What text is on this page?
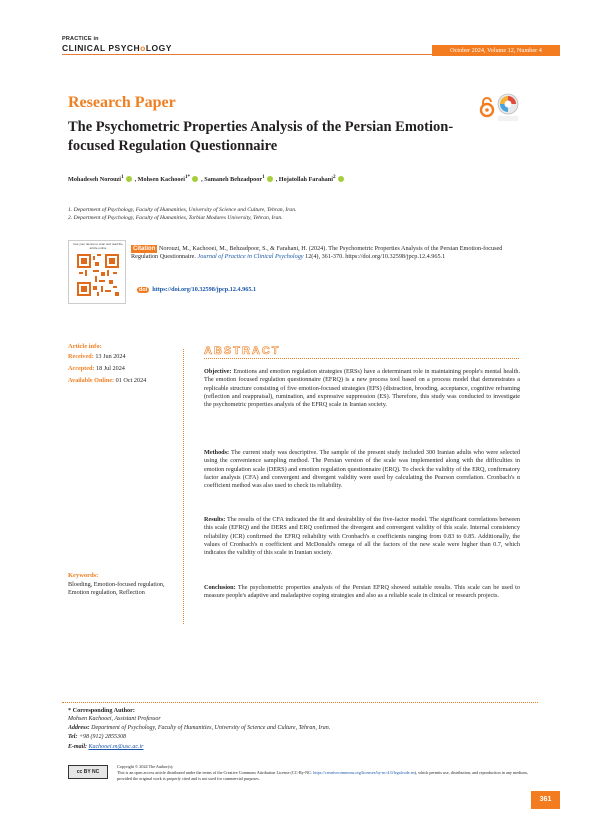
PRACTICE in
CLINICAL PSYCHoLOGY	October 2024, Volume 12, Number 4
Research Paper
The Psychometric Properties Analysis of the Persian Emotion-focused Regulation Questionnaire
Mohadeseh Norouzi$^1$ , Mohsen Kachooei$^{1*}$ , Samaneh Behzadpoor$^1$ , Hojatollah Farahani$^2$
1. Department of Psychology, Faculty of Humanities, University of Science and Culture, Tehran, Iran.
2. Department of Psychology, Faculty of Humanities, Tarbiat Modares University, Tehran, Iran.
Use your device to scan and read the article online	Citation Norouzi, M., Kachooei, M., Behzadpoor, S., & Farahani, H. (2024). The Psychometric Properties Analysis of the Persian Emotion-focused Regulation Questionnaire. Journal of Practice in Clinical Psychology 12(4), 361-370. https://doi.org/10.32598/jpcp.12.4.965.1
doi https://doi.org/10.32598/jpcp.12.4.965.1
Article info:
Received: 13 Jun 2024
Accepted: 18 Jul 2024
Available Online: 01 Oct 2024
Keywords:
Bloeding, Emotion-focused regulation, Emotion regulation, Reflection
ABSTRACT
Objective: Emotions and emotion regulation strategies (ERSs) have a determinant role in maintaining people's mental health. The emotion focused regulation questionnaire (EFRQ) is a new process tool based on a process model that demonstrates a replicable structure consisting of five emotion-focused strategies (EFS) (distraction, brooding, acceptance, cognitive reframing (reflection and reappraisal), rumination, and expressive suppression (ES). Therefore, this study was conducted to investigate the psychometric properties analysis of the EFRQ scale in Iranian society.
Methods: The current study was descriptive. The sample of the present study included 300 Iranian adults who were selected using the convenience sampling method. The Persian version of the scale was implemented along with the difficulties in emotion regulation scale (DERS) and emotion regulation questionnaire (ERQ). To check the validity of the ERQ, confirmatory factor analysis (CFA) and convergent and divergent validity were used by calculating the Pearson correlation. Cronbach's α coefficient method was also used to check its reliability.
Results: The results of the CFA indicated the fit and desirability of the five-factor model. The significant correlations between this scale (EFRQ) and the DERS and ERQ confirmed the divergent and convergent validity of this scale. Internal consistency reliability (ICR) confirmed the EFRQ reliability with Cronbach's α coefficients ranging from 0.83 to 0.85. Additionally, the values of Cronbach's α coefficient and McDonald's omega of all the factors of the new scale were higher than 0.7, which indicates the validity of this scale in Iranian society.
Conclusion: The psychometric properties analysis of the Persian EFRQ showed suitable results. This scale can be used to measure people's adaptive and maladaptive coping strategies and also as a reliable scale in clinical or research projects.
* Corresponding Author:
Mohsen Kachooei, Assistant Professor
Address: Department of Psychology, Faculty of Humanities, University of Science and Culture, Tehran, Iran.
Tel: +98 (912) 2855308
E-mail: Kachooei.m@usc.ac.ir
cc BY NC
Copyright © 2024 The Author(s);
This is an open access article distributed under the terms of the Creative Commons Attribution License (CC-By-NC: https://creativecommons.org/licenses/by-nc/4.0/legalcode.en), which permits use, distribution, and reproduction in any medium, provided the original work is properly cited and is not used for commercial purposes.
361
